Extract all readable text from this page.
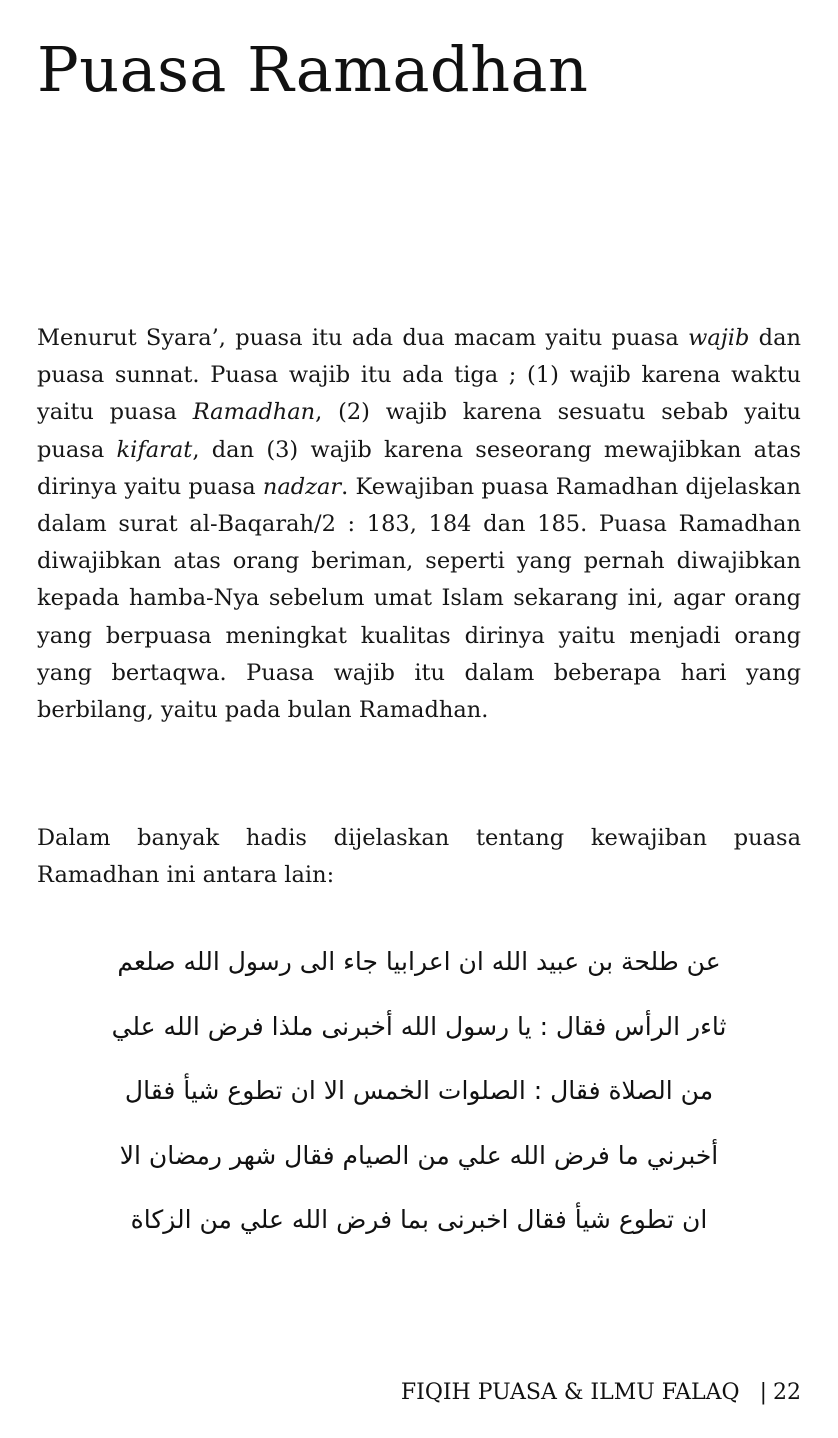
Puasa Ramadhan

Menurut Syara’, puasa itu ada dua macam yaitu puasa wajib dan puasa sunnat. Puasa wajib itu ada tiga ; (1) wajib karena waktu yaitu puasa Ramadhan, (2) wajib karena sesuatu sebab yaitu puasa kifarat, dan (3) wajib karena seseorang mewajibkan atas dirinya yaitu puasa nadzar. Kewajiban puasa Ramadhan dijelaskan dalam surat al-Baqarah/2 : 183, 184 dan 185. Puasa Ramadhan diwajibkan atas orang beriman, seperti yang pernah diwajibkan kepada hamba-Nya sebelum umat Islam sekarang ini, agar orang yang berpuasa meningkat kualitas dirinya yaitu menjadi orang yang bertaqwa. Puasa wajib itu dalam beberapa hari yang berbilang, yaitu pada bulan Ramadhan.

Dalam banyak hadis dijelaskan tentang kewajiban puasa Ramadhan ini antara lain:

عن طلحة بن عبيد الله ان اعرابيا جاء الى رسول الله صلعم
ثاءر الرأس فقال : يا رسول الله أخبرنى ملذا فرض الله علي
من الصلاة فقال : الصلوات الخمس الا ان تطوع شيأ فقال
أخبرني ما فرض الله علي من الصيام فقال شهر رمضان الا
ان تطوع شيأ فقال اخبرنى بما فرض الله علي من الزكاة
FIQIH PUASA & ILMU FALAQ | 22
